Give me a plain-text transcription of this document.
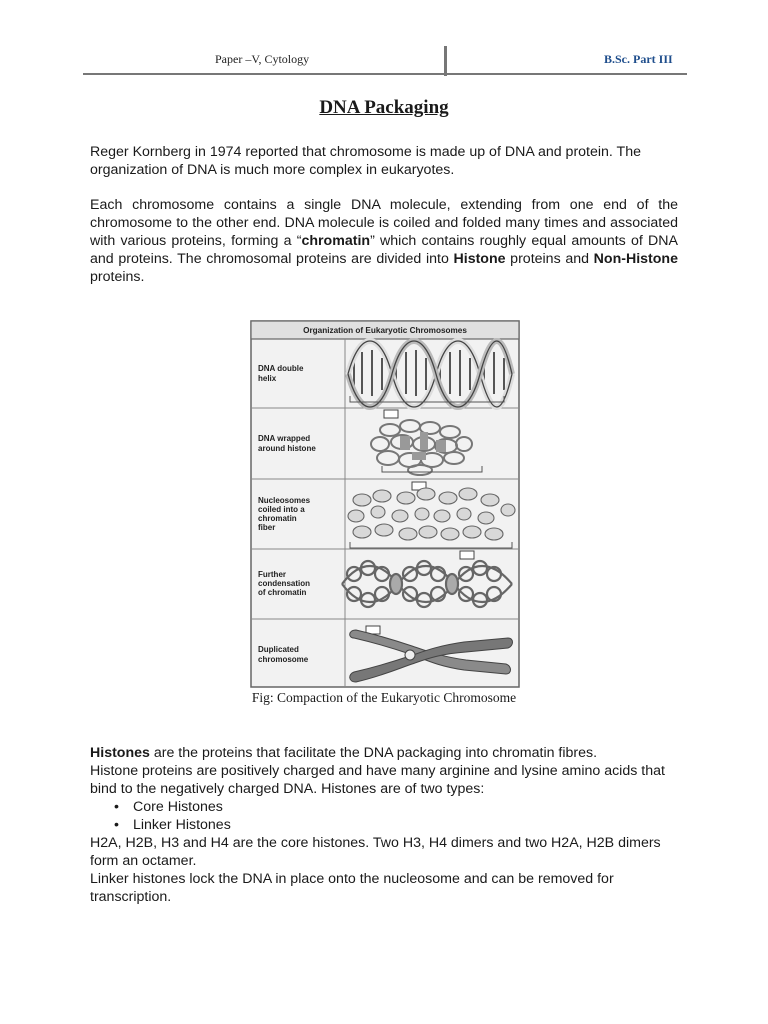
Paper –V, Cytology	B.Sc. Part III
DNA Packaging

Reger Kornberg in 1974 reported that chromosome is made up of DNA and protein. The organization of DNA is much more complex in eukaryotes.

Each chromosome contains a single DNA molecule, extending from one end of the chromosome to the other end. DNA molecule is coiled and folded many times and associated with various proteins, forming a “chromatin” which contains roughly equal amounts of DNA and proteins. The chromosomal proteins are divided into Histone proteins and Non-Histone proteins.

Organization of Eukaryotic Chromosomes
DNA double
helix
DNA wrapped
around histone
Nucleosomes
coiled into a
chromatin
fiber
Further
condensation
of chromatin
Duplicated
chromosome
Fig: Compaction of the Eukaryotic Chromosome
Histones are the proteins that facilitate the DNA packaging into chromatin fibres.
Histone proteins are positively charged and have many arginine and lysine amino acids that bind to the negatively charged DNA. Histones are of two types:
• Core Histones
• Linker Histones
H2A, H2B, H3 and H4 are the core histones. Two H3, H4 dimers and two H2A, H2B dimers form an octamer.
Linker histones lock the DNA in place onto the nucleosome and can be removed for transcription.
